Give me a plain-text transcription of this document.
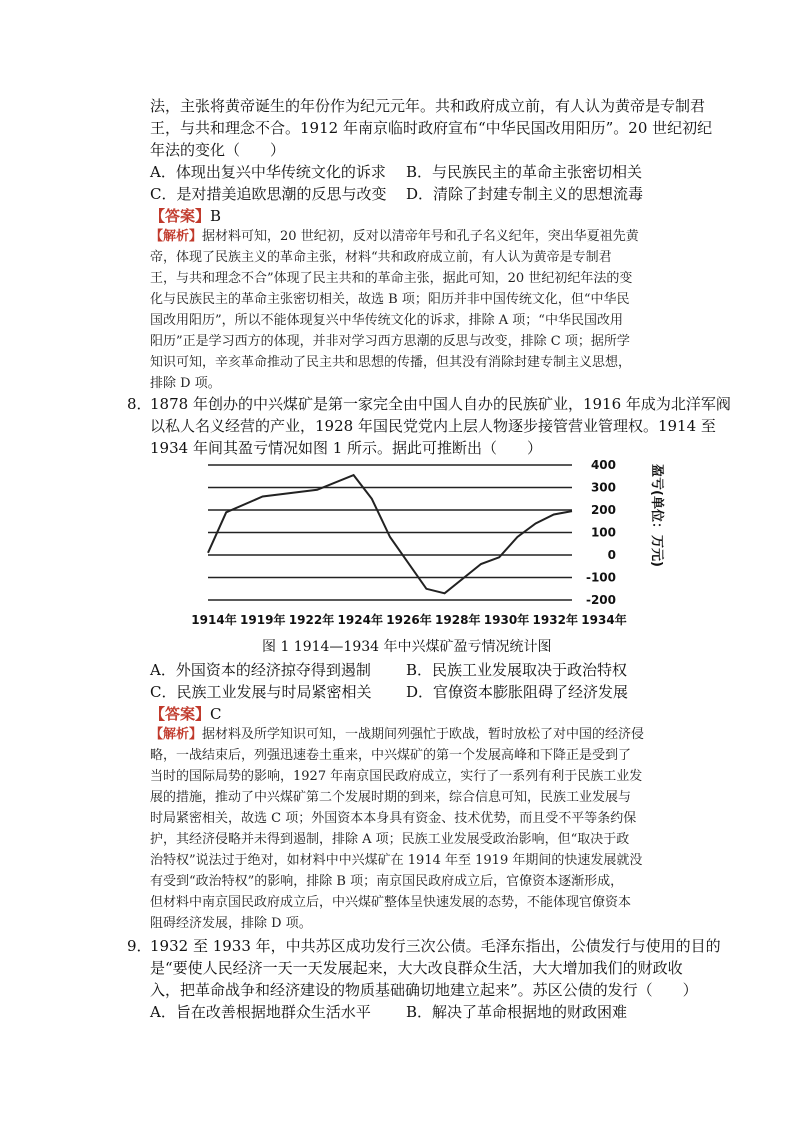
法，主张将黄帝诞生的年份作为纪元元年。共和政府成立前，有人认为黄帝是专制君
王，与共和理念不合。1912 年南京临时政府宣布“中华民国改用阳历”。20 世纪初纪
年法的变化（　　）
A．体现出复兴中华传统文化的诉求 B．与民族民主的革命主张密切相关
C．是对措美追欧思潮的反思与改变 D．清除了封建专制主义的思想流毒
【答案】B
【解析】据材料可知，20 世纪初，反对以清帝年号和孔子名义纪年，突出华夏祖先黄
帝，体现了民族主义的革命主张，材料“共和政府成立前，有人认为黄帝是专制君
王，与共和理念不合”体现了民主共和的革命主张，据此可知，20 世纪初纪年法的变
化与民族民主的革命主张密切相关，故选 B 项；阳历并非中国传统文化，但“中华民
国改用阳历”，所以不能体现复兴中华传统文化的诉求，排除 A 项；“中华民国改用
阳历”正是学习西方的体现，并非对学习西方思潮的反思与改变，排除 C 项；据所学
知识可知，辛亥革命推动了民主共和思想的传播，但其没有消除封建专制主义思想，
排除 D 项。
8．
1878 年创办的中兴煤矿是第一家完全由中国人自办的民族矿业，1916 年成为北洋军阀
以私人名义经营的产业，1928 年国民党党内上层人物逐步接管营业管理权。1914 至
1934 年间其盈亏情况如图 1 所示。据此可推断出（　　）
400
300
200
100
0
-100
-200
1914年 1919年 1922年 1924年 1926年 1928年 1930年 1932年 1934年
盈亏(单位：万元)
图 1 1914—1934 年中兴煤矿盈亏情况统计图
A．外国资本的经济掠夺得到遏制 B．民族工业发展取决于政治特权
C．民族工业发展与时局紧密相关 D．官僚资本膨胀阻碍了经济发展
【答案】C
【解析】据材料及所学知识可知，一战期间列强忙于欧战，暂时放松了对中国的经济侵
略，一战结束后，列强迅速卷土重来，中兴煤矿的第一个发展高峰和下降正是受到了
当时的国际局势的影响，1927 年南京国民政府成立，实行了一系列有利于民族工业发
展的措施，推动了中兴煤矿第二个发展时期的到来，综合信息可知，民族工业发展与
时局紧密相关，故选 C 项；外国资本本身具有资金、技术优势，而且受不平等条约保
护，其经济侵略并未得到遏制，排除 A 项；民族工业发展受政治影响，但“取决于政
治特权”说法过于绝对，如材料中中兴煤矿在 1914 年至 1919 年期间的快速发展就没
有受到“政治特权”的影响，排除 B 项；南京国民政府成立后，官僚资本逐渐形成，
但材料中南京国民政府成立后，中兴煤矿整体呈快速发展的态势，不能体现官僚资本
阻碍经济发展，排除 D 项。
9．
1932 至 1933 年，中共苏区成功发行三次公债。毛泽东指出，公债发行与使用的目的
是“要使人民经济一天一天发展起来，大大改良群众生活，大大增加我们的财政收
入，把革命战争和经济建设的物质基础确切地建立起来”。苏区公债的发行（　　）
A．旨在改善根据地群众生活水平 B．解决了革命根据地的财政困难
